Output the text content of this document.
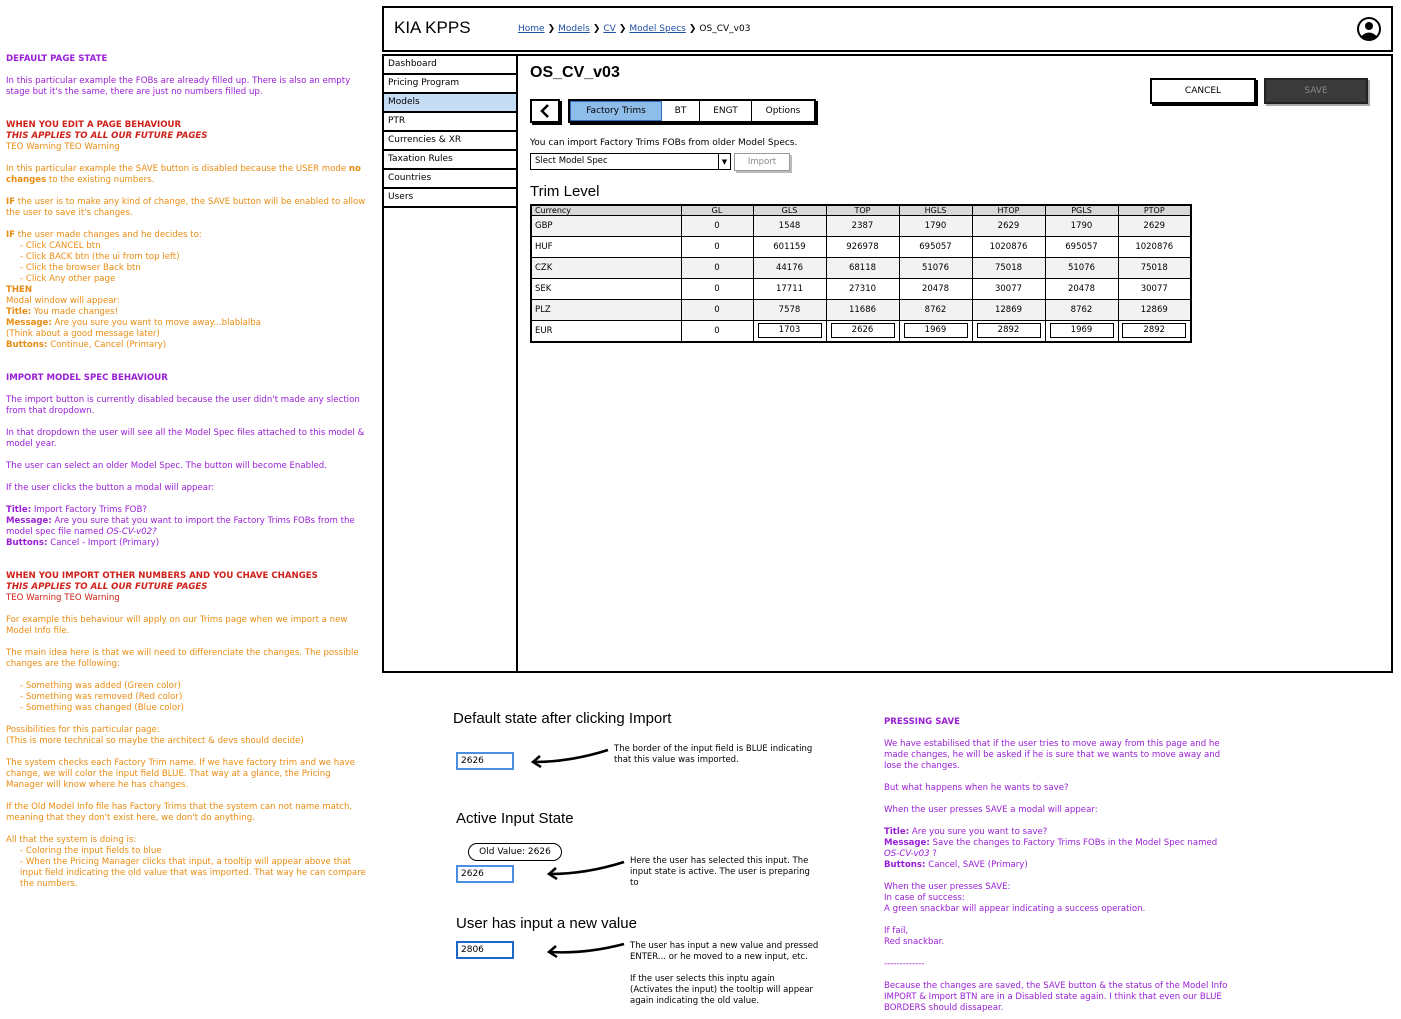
DEFAULT PAGE STATE
In this particular example the FOBs are already filled up. There is also an empty stage but it's the same, there are just no numbers filled up.
WHEN YOU EDIT A PAGE BEHAVIOUR
THIS APPLIES TO ALL OUR FUTURE PAGES
TEO Warning TEO Warning
In this particular example the SAVE button is disabled because the USER mode no changes to the existing numbers.
IF the user is to make any kind of change, the SAVE button will be enabled to allow the user to save it's changes.
IF the user made changes and he decides to:
- Click CANCEL btn
- Click BACK btn (the ui from top left)
- Click the browser Back btn
- Click Any other page
THEN
Modal window will appear:
Title: You made changes!
Message: Are you sure you want to move away...blablalba
(Think about a good message later)
Buttons: Continue, Cancel (Primary)
IMPORT MODEL SPEC BEHAVIOUR
The import button is currently disabled because the user didn't made any slection from that dropdown.
In that dropdown the user will see all the Model Spec files attached to this model & model year.
The user can select an older Model Spec. The button will become Enabled.
If the user clicks the button a modal will appear:
Title: Import Factory Trims FOB?
Message: Are you sure that you want to import the Factory Trims FOBs from the model spec file named OS-CV-v02?
Buttons: Cancel - Import (Primary)
WHEN YOU IMPORT OTHER NUMBERS AND YOU CHAVE CHANGES
THIS APPLIES TO ALL OUR FUTURE PAGES
TEO Warning TEO Warning
For example this behaviour will apply on our Trims page when we import a new Model Info file.
The main idea here is that we will need to differenciate the changes. The possible changes are the following:
- Something was added (Green color)
- Something was removed (Red color)
- Something was changed (Blue color)
Possibilities for this particular page:
(This is more technical so maybe the architect & devs should decide)
The system checks each Factory Trim name. If we have factory trim and we have change, we will color the input field BLUE. That way at a glance, the Pricing Manager will know where he has changes.
If the Old Model Info file has Factory Trims that the system can not name match, meaning that they don't exist here, we don't do anything.
All that the system is doing is:
- Coloring the input fields to blue
- When the Pricing Manager clicks that input, a tooltip will appear above that input field indicating the old value that was imported. That way he can compare the numbers.
KIA KPPS	Home ❯ Models ❯ CV ❯ Model Specs ❯ OS_CV_v03
Dashboard
Pricing Program
Models
PTR
Currencies & XR
Taxation Rules
Countries
Users
OS_CV_v03
CANCEL	SAVE
Factory Trims	BT	ENGT	Options
You can import Factory Trims FOBs from older Model Specs.
Slect Model Spec	▼	Import
Trim Level
Currency	GL	GLS	TOP	HGLS	HTOP	PGLS	PTOP
GBP	0	1548	2387	1790	2629	1790	2629
HUF	0	601159	926978	695057	1020876	695057	1020876
CZK	0	44176	68118	51076	75018	51076	75018
SEK	0	17711	27310	20478	30077	20478	30077
PLZ	0	7578	11686	8762	12869	8762	12869
EUR	0	1703	2626	1969	2892	1969	2892
Default state after clicking Import
2626
The border of the input field is BLUE indicating that this value was imported.
Active Input State
Old Value: 2626
2626
Here the user has selected this input. The input state is active. The user is preparing to
User has input a new value
2806	The user has input a new value and pressed ENTER... or he moved to a new input, etc.
If the user selects this inptu again (Activates the input) the tooltip will appear again indicating the old value.
PRESSING SAVE
We have estabilised that if the user tries to move away from this page and he made changes, he will be asked if he is sure that we wants to move away and lose the changes.
But what happens when he wants to save?
When the user presses SAVE a modal will appear:
Title: Are you sure you want to save?
Message: Save the changes to Factory Trims FOBs in the Model Spec named
OS-CV-v03 ?
Buttons: Cancel, SAVE (Primary)
When the user presses SAVE:
In case of success:
A green snackbar will appear indicating a success operation.
If fail,
Red snackbar.
-------------
Because the changes are saved, the SAVE button & the status of the Model Info IMPORT & Import BTN are in a Disabled state again. I think that even our BLUE BORDERS should dissapear.
